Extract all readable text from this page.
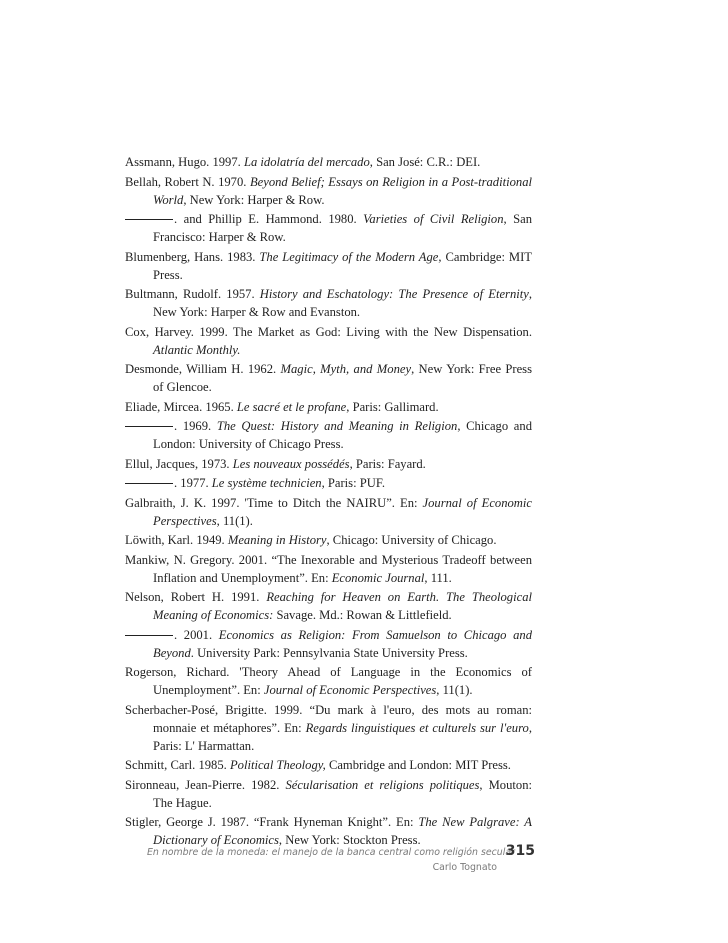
Assmann, Hugo. 1997. La idolatría del mercado, San José: C.R.: DEI.
Bellah, Robert N. 1970. Beyond Belief; Essays on Religion in a Post-traditional World, New York: Harper & Row.
. and Phillip E. Hammond. 1980. Varieties of Civil Religion, San Francisco: Harper & Row.
Blumenberg, Hans. 1983. The Legitimacy of the Modern Age, Cambridge: MIT Press.
Bultmann, Rudolf. 1957. History and Eschatology: The Presence of Eternity, New York: Harper & Row and Evanston.
Cox, Harvey. 1999. The Market as God: Living with the New Dispensation. Atlantic Monthly.
Desmonde, William H. 1962. Magic, Myth, and Money, New York: Free Press of Glencoe.
Eliade, Mircea. 1965. Le sacré et le profane, Paris: Gallimard.
. 1969. The Quest: History and Meaning in Religion, Chicago and London: University of Chicago Press.
Ellul, Jacques, 1973. Les nouveaux possédés, Paris: Fayard.
. 1977. Le système technicien, Paris: PUF.
Galbraith, J. K. 1997. 'Time to Ditch the NAIRU”. En: Journal of Economic Perspectives, 11(1).
Löwith, Karl. 1949. Meaning in History, Chicago: University of Chicago.
Mankiw, N. Gregory. 2001. “The Inexorable and Mysterious Tradeoff between Inflation and Unemployment”. En: Economic Journal, 111.
Nelson, Robert H. 1991. Reaching for Heaven on Earth. The Theological Meaning of Economics: Savage. Md.: Rowan & Littlefield.
. 2001. Economics as Religion: From Samuelson to Chicago and Beyond. University Park: Pennsylvania State University Press.
Rogerson, Richard. 'Theory Ahead of Language in the Economics of Unemployment”. En: Journal of Economic Perspectives, 11(1).
Scherbacher-Posé, Brigitte. 1999. “Du mark à l'euro, des mots au roman: monnaie et métaphores”. En: Regards linguistiques et culturels sur l'euro, Paris: L' Harmattan.
Schmitt, Carl. 1985. Political Theology, Cambridge and London: MIT Press.
Sironneau, Jean-Pierre. 1982. Sécularisation et religions politiques, Mouton: The Hague.
Stigler, George J. 1987. “Frank Hyneman Knight”. En: The New Palgrave: A Dictionary of Economics, New York: Stockton Press.
En nombre de la moneda: el manejo de la banca central como religión secular
Carlo Tognato
315
